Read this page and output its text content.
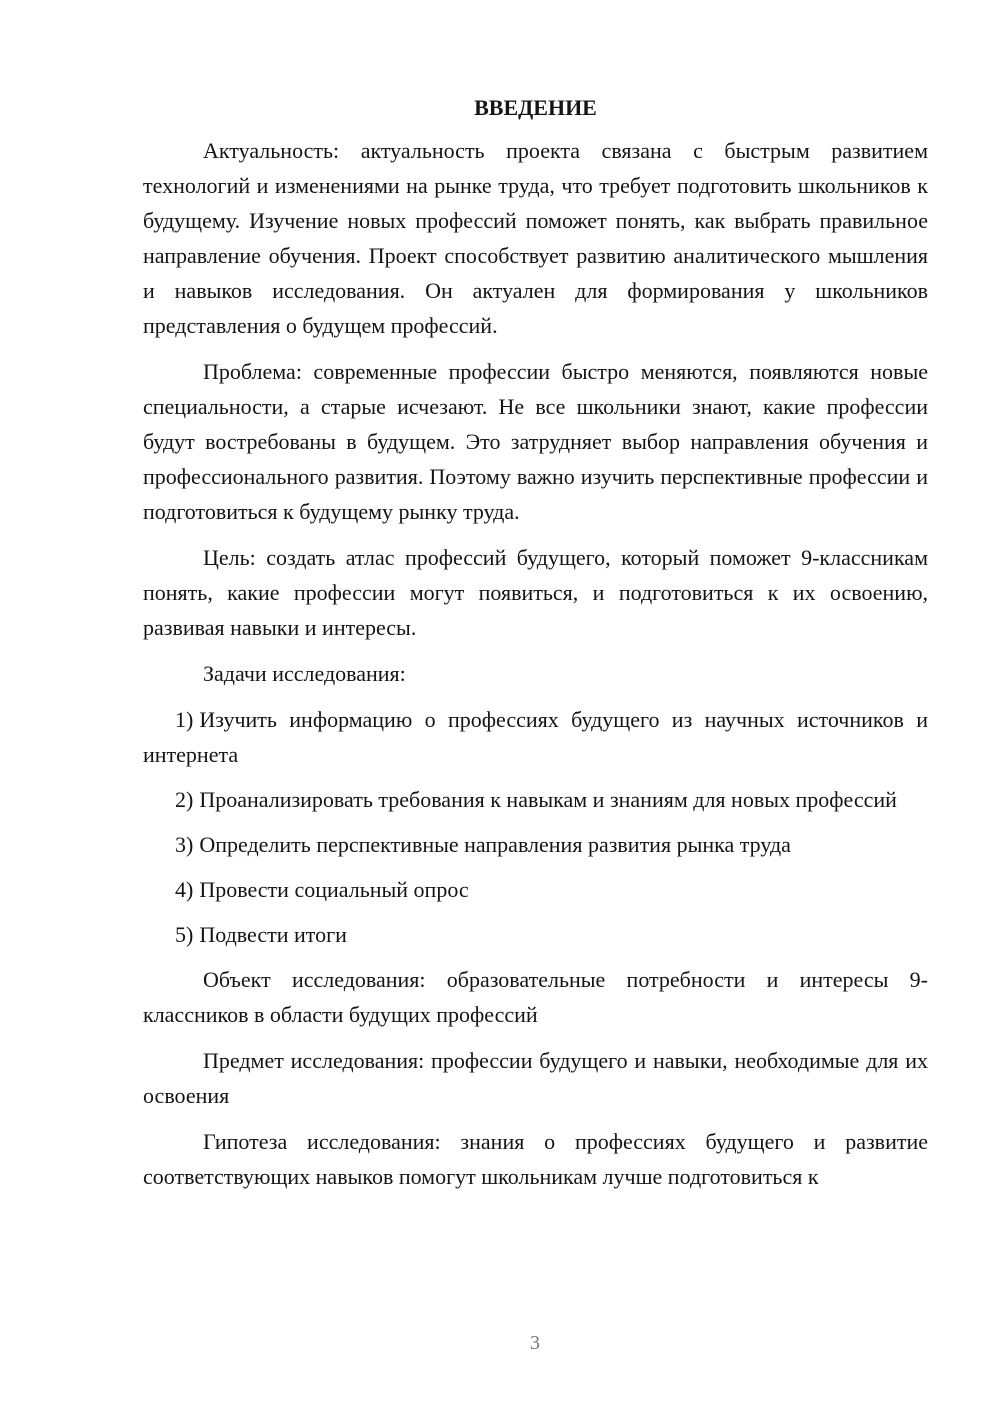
ВВЕДЕНИЕ

Актуальность: актуальность проекта связана с быстрым развитием технологий и изменениями на рынке труда, что требует подготовить школьников к будущему. Изучение новых профессий поможет понять, как выбрать правильное направление обучения. Проект способствует развитию аналитического мышления и навыков исследования. Он актуален для формирования у школьников представления о будущем профессий.

Проблема: современные профессии быстро меняются, появляются новые специальности, а старые исчезают. Не все школьники знают, какие профессии будут востребованы в будущем. Это затрудняет выбор направления обучения и профессионального развития. Поэтому важно изучить перспективные профессии и подготовиться к будущему рынку труда.

Цель: создать атлас профессий будущего, который поможет 9-классникам понять, какие профессии могут появиться, и подготовиться к их освоению, развивая навыки и интересы.

Задачи исследования:

1) Изучить информацию о профессиях будущего из научных источников и интернета

2) Проанализировать требования к навыкам и знаниям для новых профессий

3) Определить перспективные направления развития рынка труда

4) Провести социальный опрос

5) Подвести итоги

Объект исследования: образовательные потребности и интересы 9-классников в области будущих профессий

Предмет исследования: профессии будущего и навыки, необходимые для их освоения

Гипотеза исследования: знания о профессиях будущего и развитие соответствующих навыков помогут школьникам лучше подготовиться к

3
